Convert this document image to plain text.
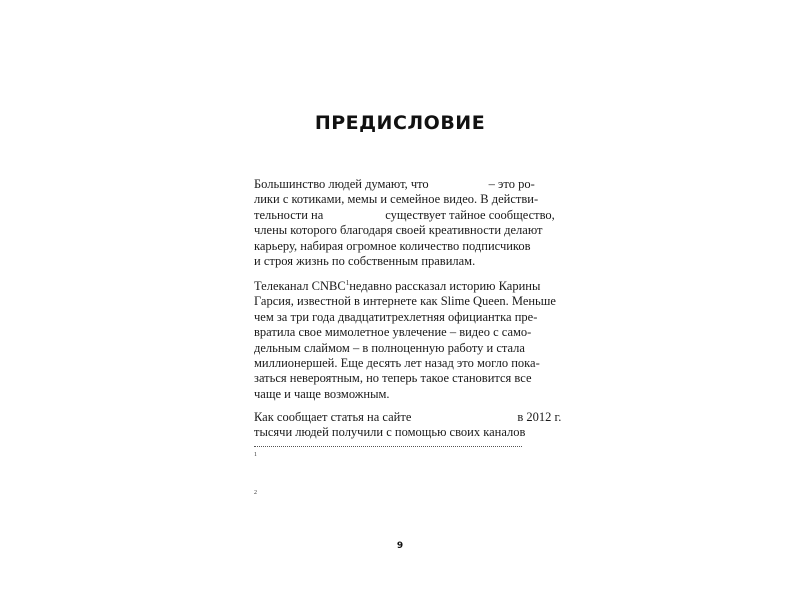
ПРЕДИСЛОВИЕ
Большинство людей думают, что	– это ро-
лики с котиками, мемы и семейное видео. В действи-
тельности на	существует тайное сообщество,
члены которого благодаря своей креативности делают
карьеру, набирая огромное количество подписчиков
и строя жизнь по собственным правилам.
Телеканал CNBC$^1$ недавно рассказал историю Карины
Гарсия, известной в интернете как Slime Queen. Меньше
чем за три года двадцатитрехлетняя официантка пре-
вратила свое мимолетное увлечение – видео с само-
дельным слаймом – в полноценную работу и стала
миллионершей. Еще десять лет назад это могло пока-
заться невероятным, но теперь такое становится все
чаще и чаще возможным.
Как сообщает статья на сайте	в 2012 г.
тысячи людей получили с помощью своих каналов
1
2
9
